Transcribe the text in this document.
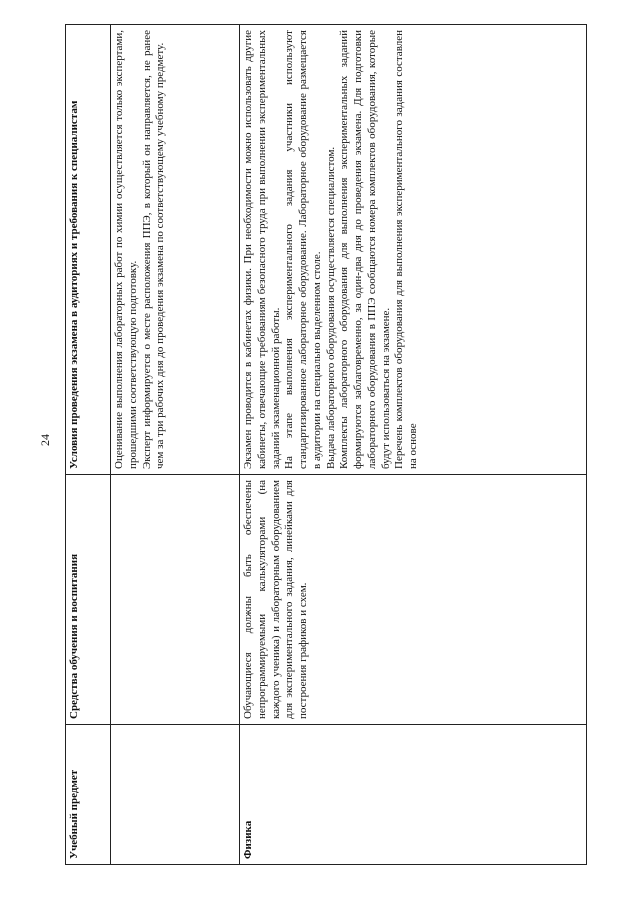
24
Учебный предмет	Средства обучения и воспитания	Условия проведения экзамена в аудиториях и требования к специалистам

		Оценивание выполнения лабораторных работ по химии осуществляется только экспертами, прошедшими соответствующую подготовку. Эксперт информируется о месте расположения ППЭ, в который он направляется, не ранее чем за три рабочих дня до проведения экзамена по соответствующему учебному предмету.

Физика	Обучающиеся должны быть обеспечены непрограммируемыми калькуляторами (на каждого ученика) и лабораторным оборудованием для экспериментального задания, линейками для построения графиков и схем.	Экзамен проводится в кабинетах физики. При необходимости можно использовать другие кабинеты, отвечающие требованиям безопасного труда при выполнении экспериментальных заданий экзаменационной работы. На этапе выполнения экспериментального задания участники используют стандартизированное лабораторное оборудование. Лабораторное оборудование размещается в аудитории на специально выделенном столе. Выдача лабораторного оборудования осуществляется специалистом. Комплекты лабораторного оборудования для выполнения экспериментальных заданий формируются заблаговременно, за один-два дня до проведения экзамена. Для подготовки лабораторного оборудования в ППЭ сообщаются номера комплектов оборудования, которые будут использоваться на экзамене. Перечень комплектов оборудования для выполнения экспериментального задания составлен на основе
